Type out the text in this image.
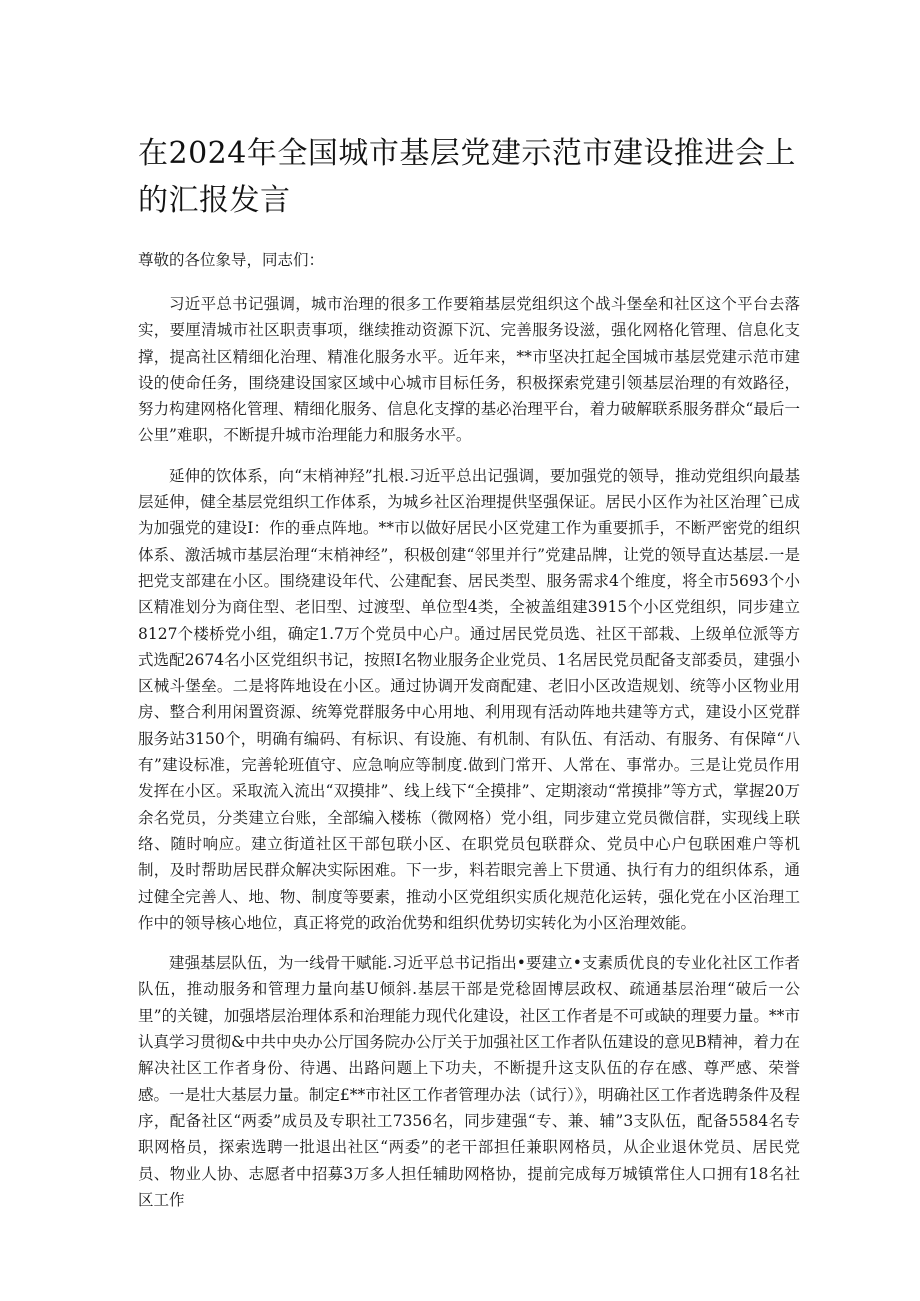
在2024年全国城市基层党建示范市建设推进会上的汇报发言

尊敬的各位象导，同志们：

习近平总书记强调，城市治理的很多工作要箱基层党组织这个战斗堡垒和社区这个平台去落实，要厘清城市社区职责事项，继续推动资源下沉、完善服务设滋，强化网格化管理、信息化支撑，提高社区精细化治理、精准化服务水平。近年来，**市坚决扛起全国城市基层党建示范市建设的使命任务，围绕建设国家区域中心城市目标任务，积极探索党建引领基层治理的有效路径，努力构建网格化管理、精细化服务、信息化支撑的基必治理平台，着力破解联系服务群众“最后一公里”难职，不断提升城市治理能力和服务水平。

延伸的饮体系，向“末梢神羟”扎根.习近平总出记强调，要加强党的领导，推动党组织向最基层延伸，健全基层党组织工作体系，为城乡社区治理提供坚强保证。居民小区作为社区治理ˆ已成为加强党的建设I：作的垂点阵地。**市以做好居民小区党建工作为重要抓手，不断严密党的组织体系、激活城市基层治理“末梢神经”，积极创建“邻里并行”党建品牌，让党的领导直达基层.一是把党支部建在小区。围绕建设年代、公建配套、居民类型、服务需求4个维度，将全市5693个小区精准划分为商住型、老旧型、过渡型、单位型4类，全被盖组建3915个小区党组织，同步建立8127个楼桥党小组，确定1.7万个党员中心户。通过居民党员选、社区干部栽、上级单位派等方式选配2674名小区党组织书记，按照I名物业服务企业党员、1名居民党员配备支部委员，建强小区械斗堡垒。二是将阵地设在小区。通过协调开发商配建、老旧小区改造规划、统等小区物业用房、整合利用闲置资源、统筹党群服务中心用地、利用现有活动阵地共建等方式，建设小区党群服务站3150个，明确有编码、有标识、有设施、有机制、有队伍、有活动、有服务、有保障“八有”建设标准，完善轮班值守、应急响应等制度.做到门常开、人常在、事常办。三是让党员作用发挥在小区。采取流入流出“双摸排”、线上线下“全摸排”、定期滚动“常摸排”等方式，掌握20万余名党员，分类建立台账，全部编入楼栋（微网格）党小组，同步建立党员微信群，实现线上联络、随时响应。建立街道社区干部包联小区、在职党员包联群众、党员中心户包联困难户等机制，及时帮助居民群众解决实际困难。下一步，料若眼完善上下贯通、执行有力的组织体系，通过健全完善人、地、物、制度等要素，推动小区党组织实质化规范化运转，强化党在小区治理工作中的领导核心地位，真正将党的政治优势和组织优势切实转化为小区治理效能。

建强基层队伍，为一线骨干赋能.习近平总书记指出•要建立•支素质优良的专业化社区工作者队伍，推动服务和管理力量向基U倾斜.基层干部是党稔固博层政权、疏通基层治理“破后一公里”的关键，加强塔层治理体系和治理能力现代化建设，社区工作者是不可或缺的理要力量。**市认真学习贯彻&中共中央办公厅国务院办公厅关于加强社区工作者队伍建设的意见B精神，着力在解决社区工作者身份、待遇、出路问题上下功夫，不断提升这支队伍的存在感、尊严感、荣誉感。一是壮大基层力量。制定£**市社区工作者管理办法（试行）》，明确社区工作者选聘条件及程序，配备社区“两委”成员及专职社工7356名，同步建强“专、兼、辅”3支队伍，配备5584名专职网格员，探索选聘一批退出社区“两委”的老干部担任兼职网格员，从企业退休党员、居民党员、物业人协、志愿者中招募3万多人担任辅助网格协，提前完成每万城镇常住人口拥有18名社区工作
